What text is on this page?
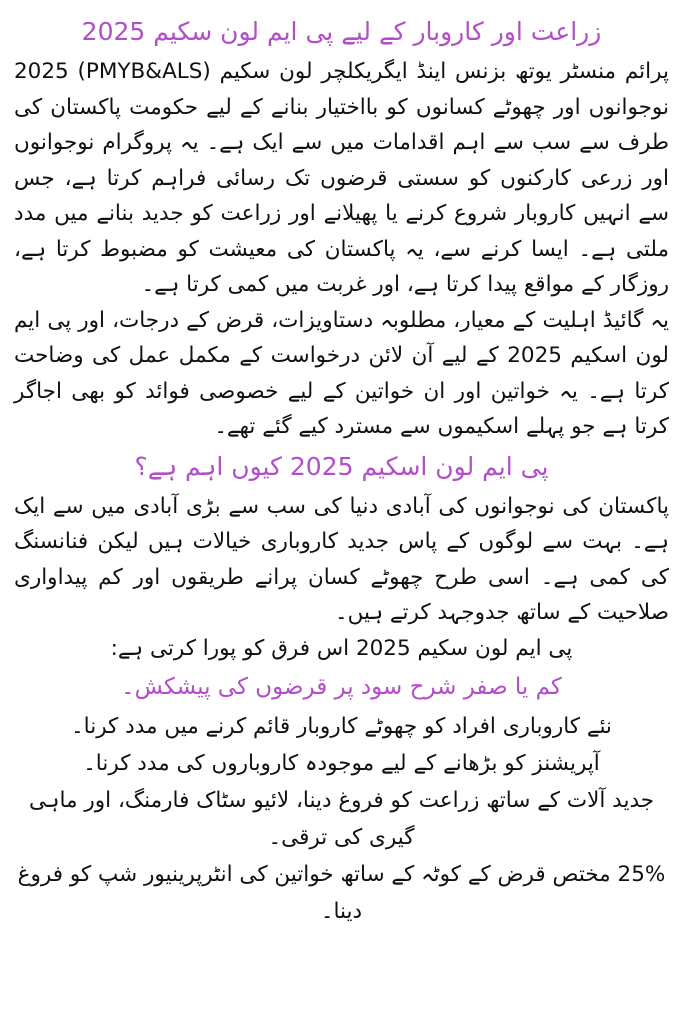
زراعت اور کاروبار کے لیے پی ایم لون سکیم 2025

پرائم منسٹر یوتھ بزنس اینڈ ایگریکلچر لون سکیم (PMYB&ALS) 2025 نوجوانوں اور چھوٹے کسانوں کو بااختیار بنانے کے لیے حکومت پاکستان کی طرف سے سب سے اہم اقدامات میں سے ایک ہے۔ یہ پروگرام نوجوانوں اور زرعی کارکنوں کو سستی قرضوں تک رسائی فراہم کرتا ہے، جس سے انہیں کاروبار شروع کرنے یا پھیلانے اور زراعت کو جدید بنانے میں مدد ملتی ہے۔ ایسا کرنے سے، یہ پاکستان کی معیشت کو مضبوط کرتا ہے، روزگار کے مواقع پیدا کرتا ہے، اور غربت میں کمی کرتا ہے۔

یہ گائیڈ اہلیت کے معیار، مطلوبہ دستاویزات، قرض کے درجات، اور پی ایم لون اسکیم 2025 کے لیے آن لائن درخواست کے مکمل عمل کی وضاحت کرتا ہے۔ یہ خواتین اور ان خواتین کے لیے خصوصی فوائد کو بھی اجاگر کرتا ہے جو پہلے اسکیموں سے مسترد کیے گئے تھے۔

پی ایم لون اسکیم 2025 کیوں اہم ہے؟

پاکستان کی نوجوانوں کی آبادی دنیا کی سب سے بڑی آبادی میں سے ایک ہے۔ بہت سے لوگوں کے پاس جدید کاروباری خیالات ہیں لیکن فنانسنگ کی کمی ہے۔ اسی طرح چھوٹے کسان پرانے طریقوں اور کم پیداواری صلاحیت کے ساتھ جدوجہد کرتے ہیں۔

پی ایم لون سکیم 2025 اس فرق کو پورا کرتی ہے:

کم یا صفر شرح سود پر قرضوں کی پیشکش۔
نئے کاروباری افراد کو چھوٹے کاروبار قائم کرنے میں مدد کرنا۔
آپریشنز کو بڑھانے کے لیے موجودہ کاروباروں کی مدد کرنا۔
جدید آلات کے ساتھ زراعت کو فروغ دینا، لائیو سٹاک فارمنگ، اور ماہی گیری کی ترقی۔
25% مختص قرض کے کوٹہ کے ساتھ خواتین کی انٹرپرینیور شپ کو فروغ دینا۔
